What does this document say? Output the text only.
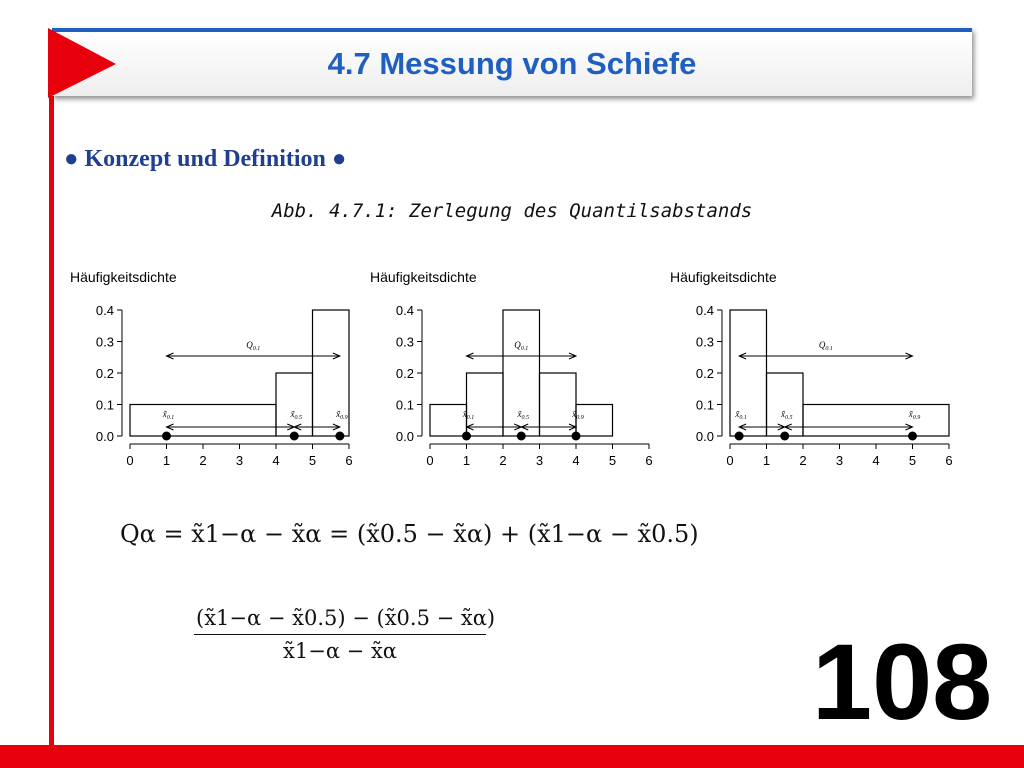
4.7 Messung von Schiefe
● Konzept und Definition ●
Abb. 4.7.1: Zerlegung des Quantilsabstands
Häufigkeitsdichte
0.0
0.1
0.2
0.3
0.4
0 1 2 3 4 5 6
$Q_{0.1}$
$x̃_{0.1}$	$x̃_{0.5}$	$x̃_{0.9}$
Häufigkeitsdichte
0.0
0.1
0.2
0.3
0.4
0 1 2 3 4 5 6
$Q_{0.1}$
$x̃_{0.1}$	$x̃_{0.5}$	$x̃_{0.9}$
Häufigkeitsdichte
0.0
0.1
0.2
0.3
0.4
0 1 2 3 4 5 6
$Q_{0.1}$
$x̃_{0.1}$	$x̃_{0.5}$	$x̃_{0.9}$
Qα = x̃1−α − x̃α = (x̃0.5 − x̃α) + (x̃1−α − x̃0.5)
$\frac{(x̃1-\alpha - x̃0.5) - (x̃0.5 - x̃\alpha)}{x̃1-\alpha - x̃\alpha}$	108
